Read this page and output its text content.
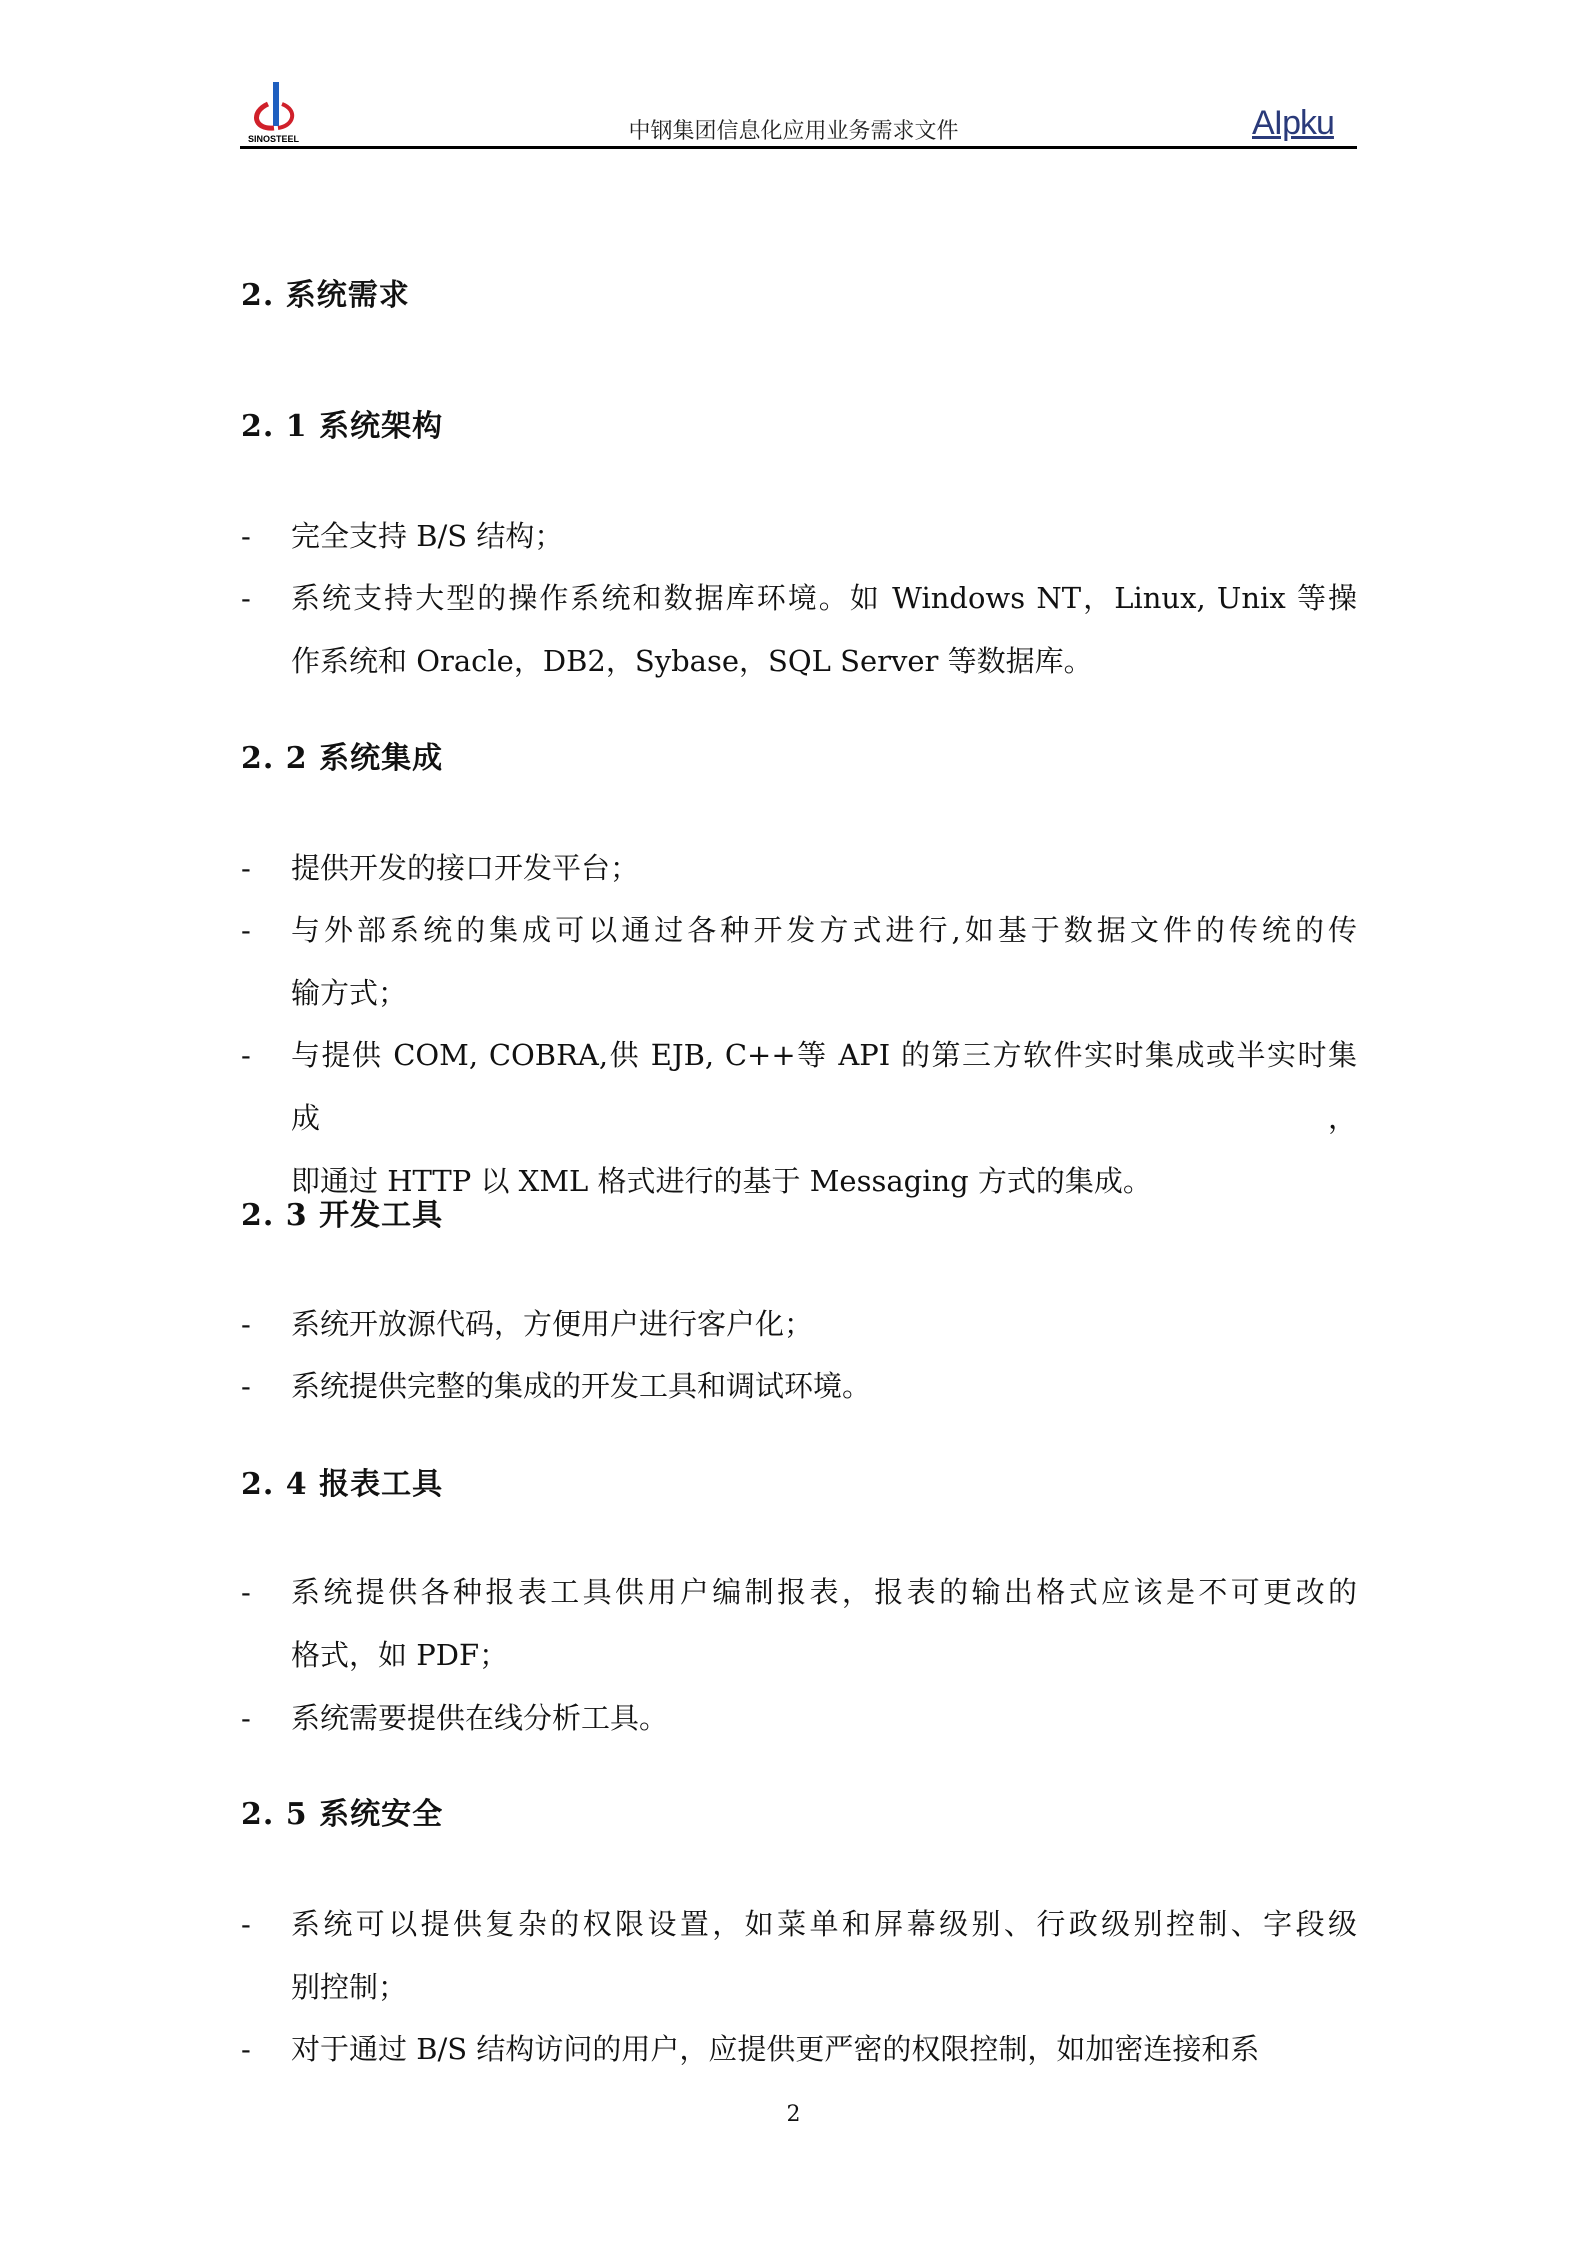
SINOSTEEL	AIpku
中钢集团信息化应用业务需求文件
2. 系统需求
2. 1 系统架构
- 完全支持 B/S 结构；
- 系统支持大型的操作系统和数据库环境。如 Windows NT，Linux, Unix 等操
作系统和 Oracle，DB2，Sybase，SQL Server 等数据库。
2. 2 系统集成
- 提供开发的接口开发平台；
- 与外部系统的集成可以通过各种开发方式进行,如基于数据文件的传统的传
输方式；
- 与提供 COM, COBRA,供 EJB, C++等 API 的第三方软件实时集成或半实时集成，
即通过 HTTP 以 XML 格式进行的基于 Messaging 方式的集成。
2. 3 开发工具
- 系统开放源代码，方便用户进行客户化；
- 系统提供完整的集成的开发工具和调试环境。
2. 4 报表工具
- 系统提供各种报表工具供用户编制报表，报表的输出格式应该是不可更改的
格式，如 PDF；
- 系统需要提供在线分析工具。
2. 5 系统安全
- 系统可以提供复杂的权限设置，如菜单和屏幕级别、行政级别控制、字段级
别控制；
- 对于通过 B/S 结构访问的用户，应提供更严密的权限控制，如加密连接和系
2
